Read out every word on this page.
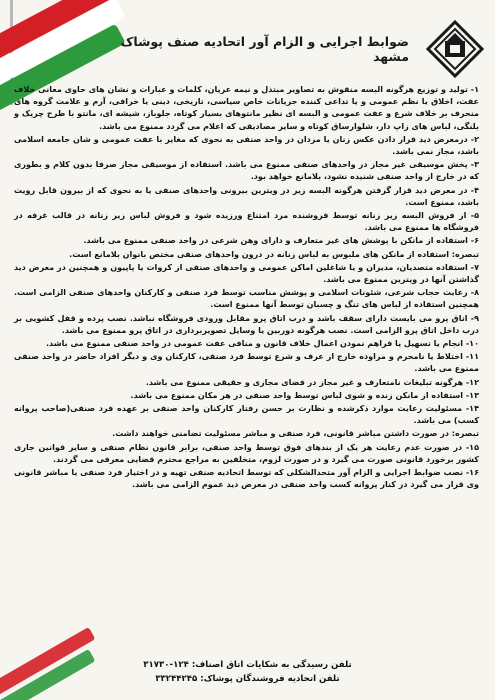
ضوابط اجرایی و الزام آور اتحادیه صنف پوشاک مشهد

۱- تولید و توزیع هرگونه البسه منقوش به تصاویر مبتذل و نیمه عریان، کلمات و عبارات و نشان های حاوی معانی خلاف عفت، اخلاق یا نظم عمومی و یا تداعی کننده جریانات خاص سیاسی، تاریخی، دینی یا خرافی، آرم و علامت گروه های منحرف بر خلاف شرع و عفت عمومی و البسه ای نظیر مانتوهای بسیار کوتاه، جلوباز، شیشه ای، مانتو با طرح چریک و بلنگی، لباس های زاپ دار، شلوارساق کوتاه و سایر مصادیقی که اعلام می گردد ممنوع می باشد.

۲- درمعرض دید قرار دادن عکس زنان یا مردان در واحد صنفی به نحوی که مغایر با عفت عمومی و شان جامعه اسلامی باشد، مجاز نمی باشد.

۳- پخش موسیقی غیر مجاز در واحدهای صنفی ممنوع می باشد. استفاده از موسیقی مجاز صرفا بدون کلام و بطوری که در خارج از واحد صنفی شنیده نشود، بلامانع خواهد بود.

۴- در معرض دید قرار گرفتن هرگونه البسه زیر در ویترین بیرونی واحدهای صنفی یا به نحوی که از بیرون قابل رویت باشد، ممنوع است.

۵- از فروش البسه زیر زنانه توسط فروشنده مرد امتناع ورزیده شود و فروش لباس زیر زنانه در قالب غرفه در فروشگاه ها ممنوع می باشد.

۶- استفاده از مانکن با پوشش های غیر متعارف و دارای وهن شرعی در واحد صنفی ممنوع می باشد.

تبصره: استفاده از مانکن های ملبوس به لباس زنانه در درون واحدهای صنفی مختص بانوان بلامانع است.

۷- استفاده متصدیان، مدیران و یا شاغلین اماکن عمومی و واحدهای صنفی از کروات یا پاپیون و همچنین در معرض دید گذاشتن آنها در ویترین ممنوع می باشد.

۸- رعایت حجاب شرعی، شئونات اسلامی و پوشش مناسب توسط فرد صنفی و کارکنان واحدهای صنفی الزامی است. همچنین استفاده از لباس های تنگ و چسبان توسط آنها ممنوع است.

۹- اتاق پرو می بایست دارای سقف باشد و درب اتاق پرو مقابل ورودی فروشگاه نباشد. نصب پرده و قفل کشویی بر درب داخل اتاق پرو الزامی است. نصب هرگونه دوربین یا وسایل تصویربرداری در اتاق پرو ممنوع می باشد.

۱۰- انجام یا تسهیل یا فراهم نمودن اعمال خلاف قانون و منافی عفت عمومی در واحد صنفی ممنوع می باشد.

۱۱- اختلاط یا نامحرم و مراوده خارج از عرف و شرع توسط فرد صنفی، کارکنان وی و دیگر افراد حاضر در واحد صنفی ممنوع می باشد.

۱۲- هرگونه تبلیغات نامتعارف و غیر مجاز در فضای مجازی و حقیقی ممنوع می باشد.

۱۳- استفاده از مانکن زنده و شوی لباس توسط واحد صنفی در هر مکان ممنوع می باشد.

۱۴- مسئولیت رعایت موارد ذکرشده و نظارت بر حسن رفتار کارکنان واحد صنفی بر عهده فرد صنفی(صاحب پروانه کسب) می باشد.

تبصره: در صورت داشتن مباشر قانونی، فرد صنفی و مباشر مسئولیت تضامنی خواهند داشت.

۱۵- در صورت عدم رعایت هر یک از بندهای فوق توسط واحد صنفی، برابر قانون نظام صنفی و سایر قوانین جاری کشور برخورد قانونی صورت می گیرد و در صورت لزوم، متخلفین به مراجع محترم قضایی معرفی می گردند.

۱۶- نصب ضوابط اجرایی و الزام آور متحدالشکلی که توسط اتحادیه صنفی تهیه و در اختیار فرد صنفی یا مباشر قانونی وی قرار می گیرد در کنار پروانه کسب واحد صنفی در معرض دید عموم الزامی می باشد.

تلفن رسیدگی به شکایات اتاق اصناف: ۱۲۴-۳۱۷۳۰
تلفن اتحادیه فروشندگان پوشاک: ۳۳۲۴۴۲۴۵
